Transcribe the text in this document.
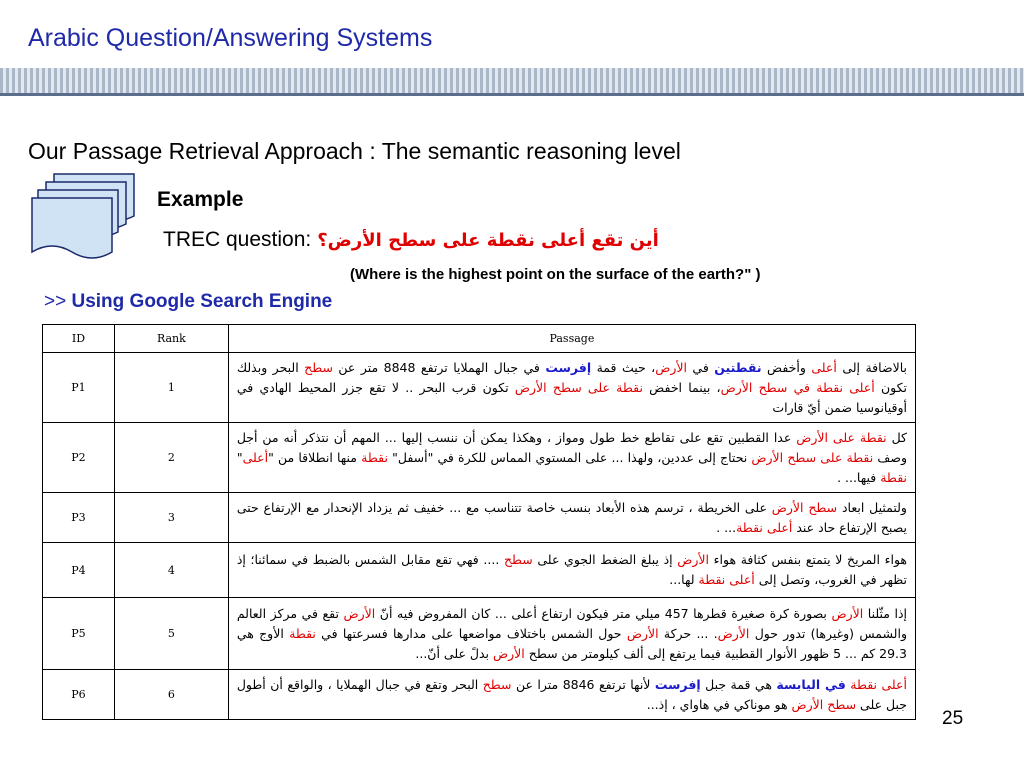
Arabic Question/Answering Systems
Our Passage Retrieval Approach : The semantic reasoning level
Example
TREC question: أين تقع أعلى نقطة على سطح الأرض؟
(Where is the highest point on the surface of the earth?" )
>> Using Google Search Engine
ID	Rank	Passage
P1	1	بالاضافة إلى أعلى وأخفض نقطتين في الأرض، حيث قمة إفرست في جبال الهملايا ترتفع 8848 متر عن سطح البحر وبذلك تكون أعلى نقطة في سطح الأرض، بينما اخفض نقطة على سطح الأرض تكون قرب البحر .. لا تقع جزر المحيط الهادي في أوقيانوسيا ضمن أيّ قارات
P2	2	كل نقطة على الأرض عدا القطبين تقع على تقاطع خط طول ومواز ، وهكذا يمكن أن ننسب إليها ... المهم أن نتذكر أنه من أجل وصف نقطة على سطح الأرض نحتاج إلى عددين، ولهذا ... على المستوي المماس للكرة في "أسفل" نقطة منها انطلاقا من "أعلى" نقطة فيها... .
P3	3	ولتمثيل ابعاد سطح الأرض على الخريطة ، ترسم هذه الأبعاد بنسب خاصة تتناسب مع ... خفيف ثم يزداد الإنحدار مع الإرتفاع حتى يصبح الإرتفاع حاد عند أعلى نقطة... .
P4	4	هواء المريخ لا يتمتع بنفس كثافة هواء الأرض إذ يبلغ الضغط الجوي على سطح .... فهي تقع مقابل الشمس بالضبط في سمائنا؛ إذ تظهر في الغروب، وتصل إلى أعلى نقطة لها...
P5	5	إذا مثّلنا الأرض بصورة كرة صغيرة قطرها 457 ميلي متر فيكون ارتفاع أعلى ... كان المفروض فيه أنّ الأرض تقع في مركز العالم والشمس (وغيرها) تدور حول الأرض. ... حركة الأرض حول الشمس باختلاف مواضعها على مدارها فسرعتها في نقطة الأوج هي 29.3 كم ... 5 ظهور الأنوار القطبية فيما يرتفع إلى ألف كيلومتر من سطح الأرض بدلً على أنّ...
P6	6	أعلى نقطة في اليابسة هي قمة جبل إفرست لأنها ترتفع 8846 مترا عن سطح البحر وتقع في جبال الهملايا ، والواقع أن أطول جبل على سطح الأرض هو موناكي في هاواي ، إذ...
25
